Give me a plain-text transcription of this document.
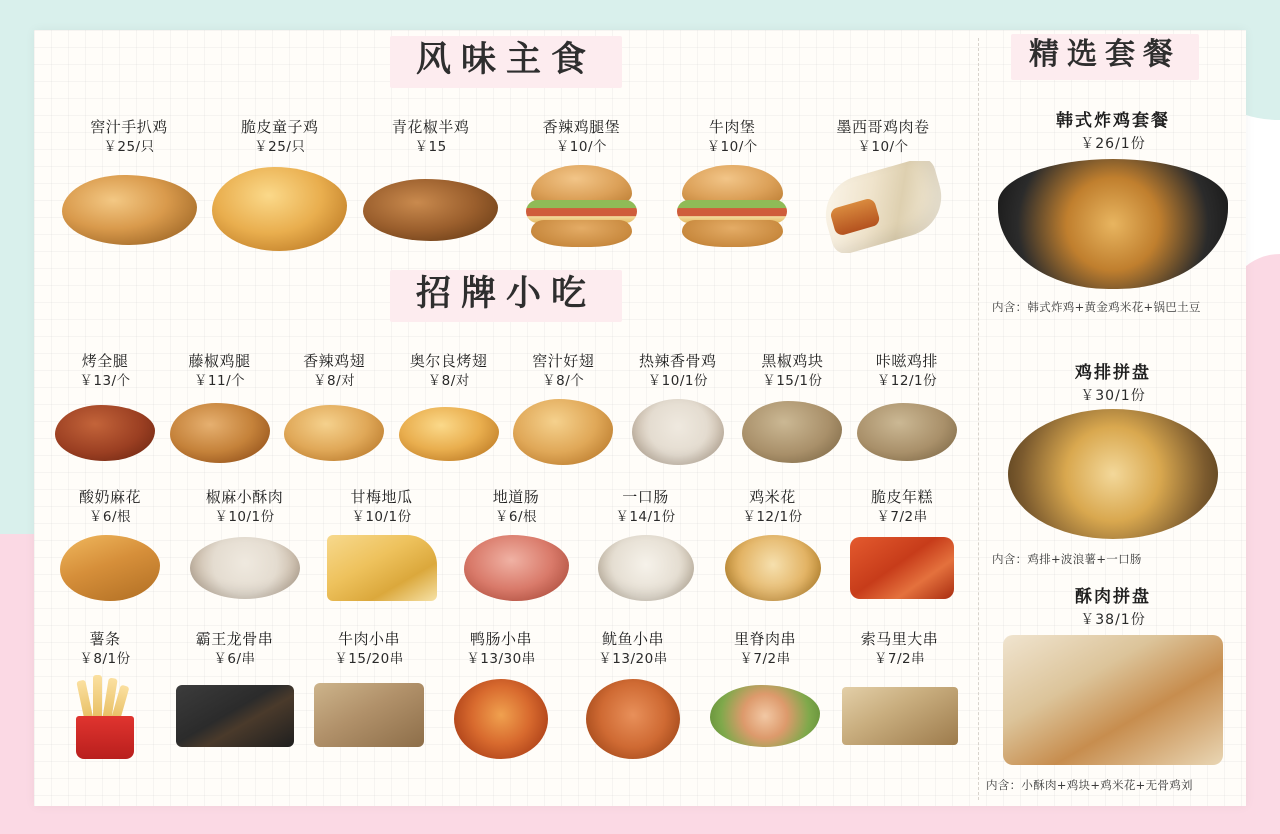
风味主食
窖汁手扒鸡
￥25/只
脆皮童子鸡
￥25/只
青花椒半鸡
￥15
香辣鸡腿堡
￥10/个
牛肉堡
￥10/个
墨西哥鸡肉卷
￥10/个
招牌小吃
烤全腿
￥13/个
藤椒鸡腿
￥11/个
香辣鸡翅
￥8/对
奥尔良烤翅
￥8/对
窖汁好翅
￥8/个
热辣香骨鸡
￥10/1份
黑椒鸡块
￥15/1份
咔嗞鸡排
￥12/1份
酸奶麻花
￥6/根
椒麻小酥肉
￥10/1份
甘梅地瓜
￥10/1份
地道肠
￥6/根
一口肠
￥14/1份
鸡米花
￥12/1份
脆皮年糕
￥7/2串
薯条
￥8/1份
霸王龙骨串
￥6/串
牛肉小串
￥15/20串
鸭肠小串
￥13/30串
鱿鱼小串
￥13/20串
里脊肉串
￥7/2串
索马里大串
￥7/2串
精选套餐
韩式炸鸡套餐
￥26/1份
内含：韩式炸鸡+黄金鸡米花+锅巴土豆
鸡排拼盘
￥30/1份
内含：鸡排+波浪薯+一口肠
酥肉拼盘
￥38/1份
内含：小酥肉+鸡块+鸡米花+无骨鸡刘
